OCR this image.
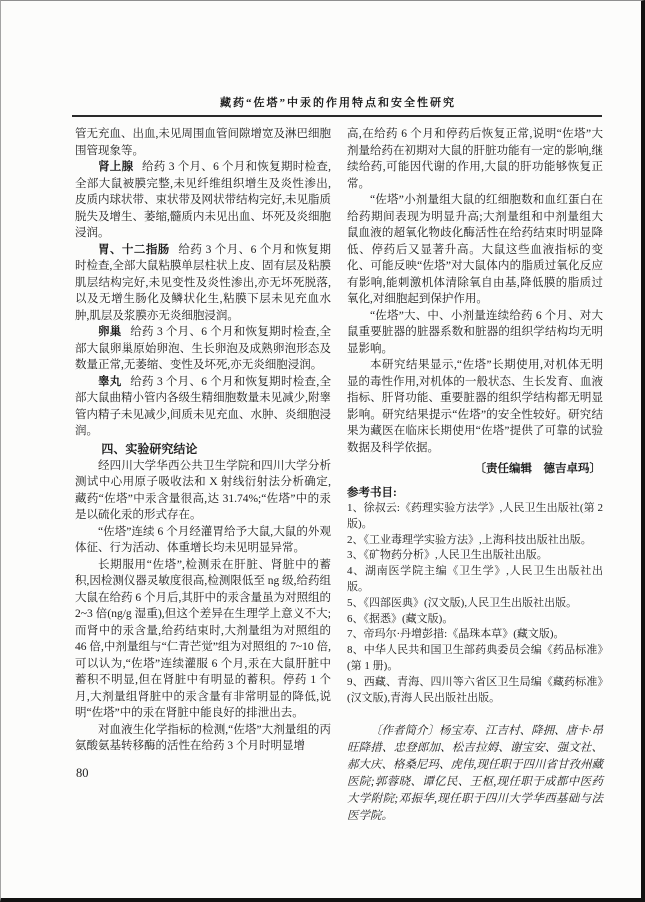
藏药“佐塔”中汞的作用特点和安全性研究

管无充血、出血,未见周围血管间隙增宽及淋巴细胞围管现象等。

肾上腺 给药 3 个月、6 个月和恢复期时检查,全部大鼠被膜完整,未见纤维组织增生及炎性渗出,皮质内球状带、束状带及网状带结构完好,未见脂质脱失及增生、萎缩,髓质内未见出血、坏死及炎细胞浸润。

胃、十二指肠 给药 3 个月、6 个月和恢复期时检查,全部大鼠粘膜单层柱状上皮、固有层及粘膜肌层结构完好,未见变性及炎性渗出,亦无坏死脱落,以及无增生肠化及鳞状化生,粘膜下层未见充血水肿,肌层及浆膜亦无炎细胞浸润。

卵巢 给药 3 个月、6 个月和恢复期时检查,全部大鼠卵巢原始卵泡、生长卵泡及成熟卵泡形态及数量正常,无萎缩、变性及坏死,亦无炎细胞浸润。

睾丸 给药 3 个月、6 个月和恢复期时检查,全部大鼠曲精小管内各级生精细胞数量未见减少,附睾管内精子未见减少,间质未见充血、水肿、炎细胞浸润。

四、实验研究结论

经四川大学华西公共卫生学院和四川大学分析测试中心用原子吸收法和 X 射线衍射法分析确定,藏药“佐塔”中汞含量很高,达 31.74%;“佐塔”中的汞是以硫化汞的形式存在。

“佐塔”连续 6 个月经灌胃给予大鼠,大鼠的外观体征、行为活动、体重增长均未见明显异常。

长期服用“佐塔”,检测汞在肝脏、肾脏中的蓄积,因检测仪器灵敏度很高,检测限低至 ng 级,给药组大鼠在给药 6 个月后,其肝中的汞含量虽为对照组的 2~3 倍(ng/g 湿重),但这个差异在生理学上意义不大;而肾中的汞含量,给药结束时,大剂量组为对照组的 46 倍,中剂量组与“仁青芒觉”组为对照组的 7~10 倍,可以认为,“佐塔”连续灌服 6 个月,汞在大鼠肝脏中蓄积不明显,但在肾脏中有明显的蓄积。停药 1 个月,大剂量组肾脏中的汞含量有非常明显的降低,说明“佐塔”中的汞在肾脏中能良好的排泄出去。

对血液生化学指标的检测,“佐塔”大剂量组的丙氨酸氨基转移酶的活性在给药 3 个月时明显增

高,在给药 6 个月和停药后恢复正常,说明“佐塔”大剂量给药在初期对大鼠的肝脏功能有一定的影响,继续给药,可能因代谢的作用,大鼠的肝功能够恢复正常。

“佐塔”小剂量组大鼠的红细胞数和血红蛋白在给药期间表现为明显升高;大剂量组和中剂量组大鼠血液的超氧化物歧化酶活性在给药结束时明显降低、停药后又显著升高。大鼠这些血液指标的变化、可能反映“佐塔”对大鼠体内的脂质过氧化反应有影响,能刺激机体清除氧自由基,降低膜的脂质过氧化,对细胞起到保护作用。

“佐塔”大、中、小剂量连续给药 6 个月、对大鼠重要脏器的脏器系数和脏器的组织学结构均无明显影响。

本研究结果显示,“佐塔”长期使用,对机体无明显的毒性作用,对机体的一般状态、生长发育、血液指标、肝肾功能、重要脏器的组织学结构都无明显影响。研究结果提示“佐塔”的安全性较好。研究结果为藏医在临床长期使用“佐塔”提供了可靠的试验数据及科学依据。

〔责任编辑　德吉卓玛〕

参考书目:

1、徐叔云:《药理实验方法学》,人民卫生出版社(第 2 版)。

2、《工业毒理学实验方法》,上海科技出版社出版。

3、《矿物药分析》,人民卫生出版社出版。

4、湖南医学院主编《卫生学》,人民卫生出版社出版。

5、《四部医典》(汉文版),人民卫生出版社出版。

6、《据悉》(藏文版)。

7、帝玛尔·丹增彭措:《晶珠本草》(藏文版)。

8、中华人民共和国卫生部药典委员会编《药品标准》(第 1 册)。

9、西藏、青海、四川等六省区卫生局编《藏药标准》(汉文版),青海人民出版社出版。

〔作者简介〕杨宝寿、江吉村、降拥、唐卡·昂旺降措、忠登郎加、松吉拉姆、谢宝安、强文社、郝大庆、格桑尼玛、虎伟,现任职于四川省甘孜州藏医院;郭蓉晓、谭亿民、王枢,现任职于成都中医药大学附院;邓振华,现任职于四川大学华西基础与法医学院。

80
